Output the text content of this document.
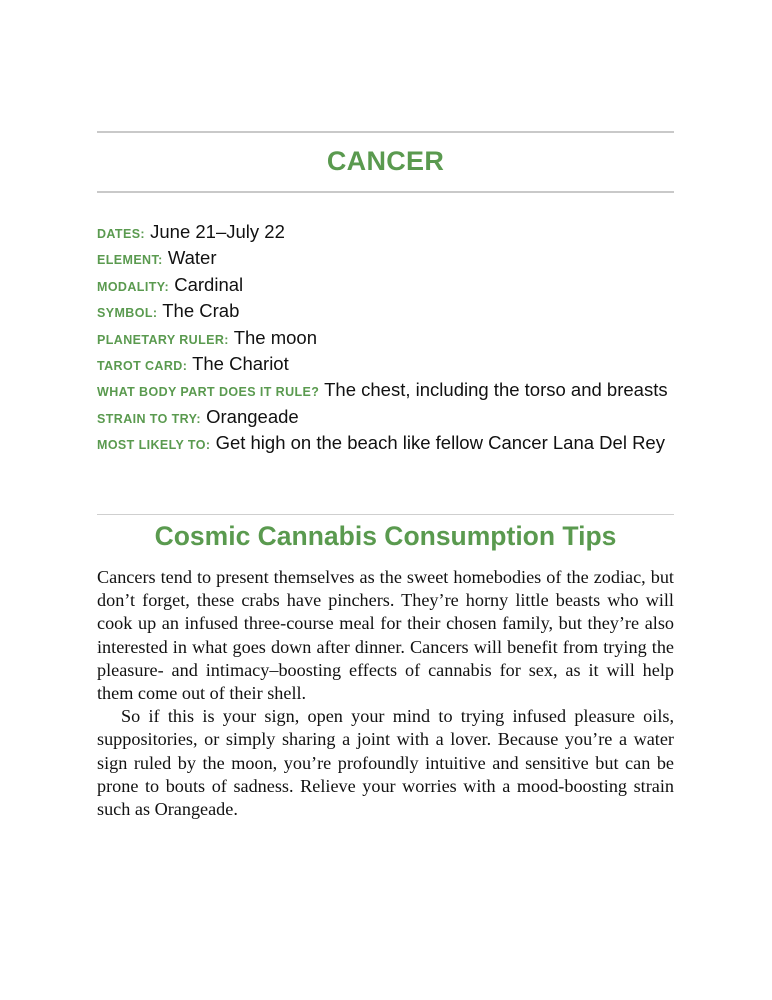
CANCER
DATES: June 21–July 22
ELEMENT: Water
MODALITY: Cardinal
SYMBOL: The Crab
PLANETARY RULER: The moon
TAROT CARD: The Chariot
WHAT BODY PART DOES IT RULE? The chest, including the torso and breasts
STRAIN TO TRY: Orangeade
MOST LIKELY TO: Get high on the beach like fellow Cancer Lana Del Rey
Cosmic Cannabis Consumption Tips

Cancers tend to present themselves as the sweet homebodies of the zodiac, but don’t forget, these crabs have pinchers. They’re horny little beasts who will cook up an infused three-course meal for their chosen family, but they’re also interested in what goes down after dinner. Cancers will benefit from trying the pleasure- and intimacy–boosting effects of cannabis for sex, as it will help them come out of their shell.

So if this is your sign, open your mind to trying infused pleasure oils, suppositories, or simply sharing a joint with a lover. Because you’re a water sign ruled by the moon, you’re profoundly intuitive and sensitive but can be prone to bouts of sadness. Relieve your worries with a mood-boosting strain such as Orangeade.
